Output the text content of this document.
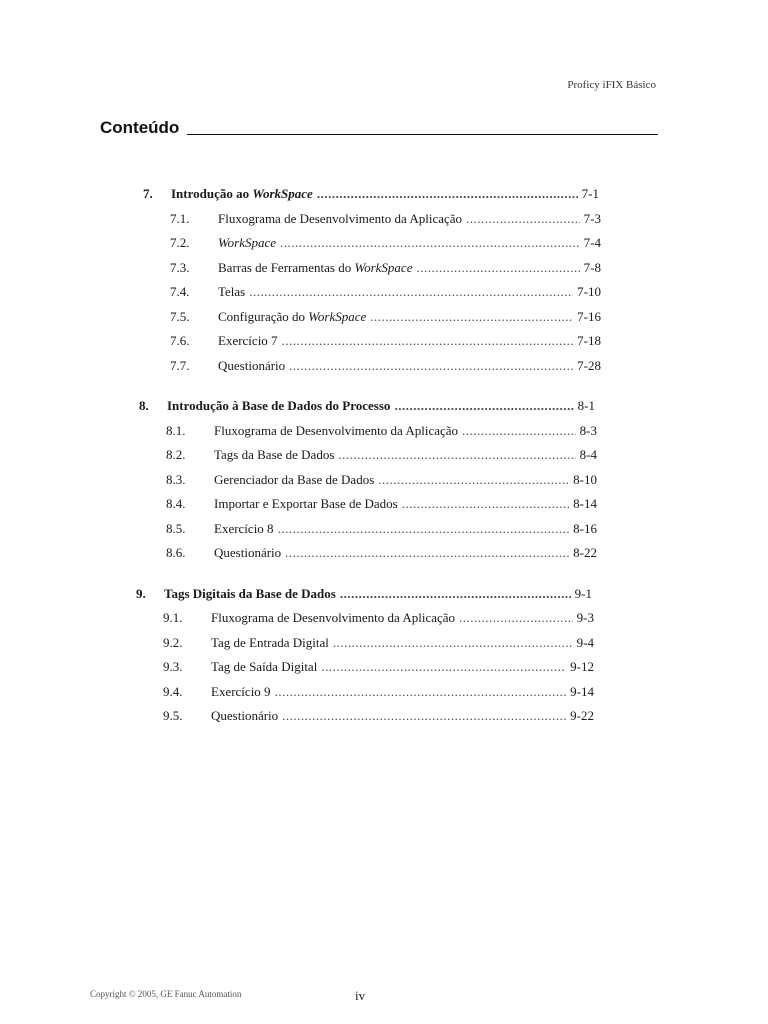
Proficy iFIX Básico
Conteúdo
7.	Introdução ao WorkSpace .....	7-1
7.1.	Fluxograma de Desenvolvimento da Aplicação .....	7-3
7.2.	WorkSpace .....	7-4
7.3.	Barras de Ferramentas do WorkSpace .....	7-8
7.4.	Telas .....	7-10
7.5.	Configuração do WorkSpace .....	7-16
7.6.	Exercício 7 .....	7-18
7.7.	Questionário .....	7-28
8.	Introdução à Base de Dados do Processo .....	8-1
8.1.	Fluxograma de Desenvolvimento da Aplicação .....	8-3
8.2.	Tags da Base de Dados .....	8-4
8.3.	Gerenciador da Base de Dados .....	8-10
8.4.	Importar e Exportar Base de Dados .....	8-14
8.5.	Exercício 8 .....	8-16
8.6.	Questionário .....	8-22
9.	Tags Digitais da Base de Dados .....	9-1
9.1.	Fluxograma de Desenvolvimento da Aplicação .....	9-3
9.2.	Tag de Entrada Digital .....	9-4
9.3.	Tag de Saída Digital .....	9-12
9.4.	Exercício 9 .....	9-14
9.5.	Questionário .....	9-22
Copyright © 2005, GE Fanuc Automation	iv
